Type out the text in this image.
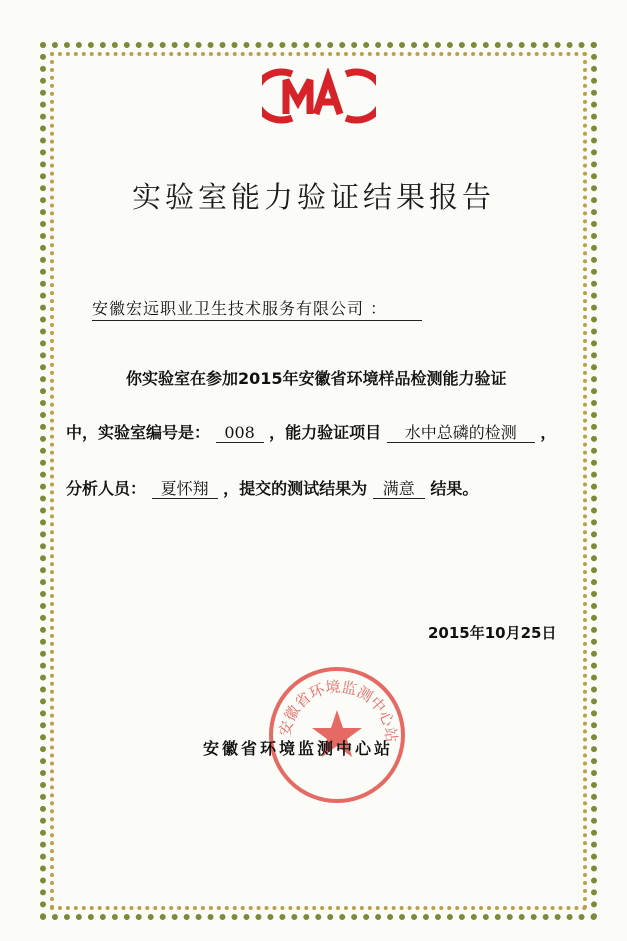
实验室能力验证结果报告
安徽宏远职业卫生技术服务有限公司 ：
你实验室在参加2015年安徽省环境样品检测能力验证
中，实验室编号是： 008 ，能力验证项目 水中总磷的检测 ，
分析人员： 夏怀翔 ，提交的测试结果为 满意 结果。
2015年10月25日
安徽省环境监测中心站
安徽省环境监测中心站
